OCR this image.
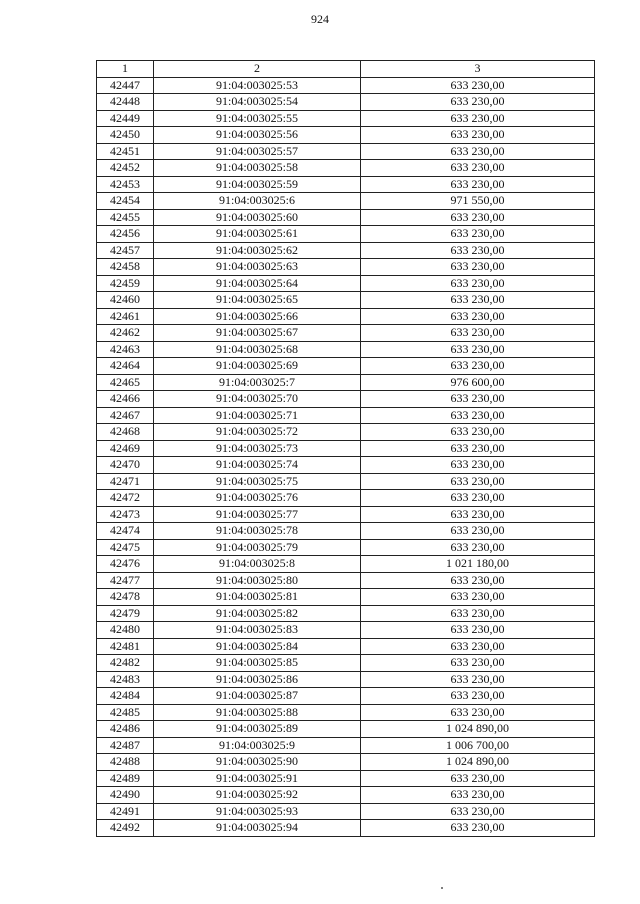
924
1	2	3
42447	91:04:003025:53	633 230,00
42448	91:04:003025:54	633 230,00
42449	91:04:003025:55	633 230,00
42450	91:04:003025:56	633 230,00
42451	91:04:003025:57	633 230,00
42452	91:04:003025:58	633 230,00
42453	91:04:003025:59	633 230,00
42454	91:04:003025:6	971 550,00
42455	91:04:003025:60	633 230,00
42456	91:04:003025:61	633 230,00
42457	91:04:003025:62	633 230,00
42458	91:04:003025:63	633 230,00
42459	91:04:003025:64	633 230,00
42460	91:04:003025:65	633 230,00
42461	91:04:003025:66	633 230,00
42462	91:04:003025:67	633 230,00
42463	91:04:003025:68	633 230,00
42464	91:04:003025:69	633 230,00
42465	91:04:003025:7	976 600,00
42466	91:04:003025:70	633 230,00
42467	91:04:003025:71	633 230,00
42468	91:04:003025:72	633 230,00
42469	91:04:003025:73	633 230,00
42470	91:04:003025:74	633 230,00
42471	91:04:003025:75	633 230,00
42472	91:04:003025:76	633 230,00
42473	91:04:003025:77	633 230,00
42474	91:04:003025:78	633 230,00
42475	91:04:003025:79	633 230,00
42476	91:04:003025:8	1 021 180,00
42477	91:04:003025:80	633 230,00
42478	91:04:003025:81	633 230,00
42479	91:04:003025:82	633 230,00
42480	91:04:003025:83	633 230,00
42481	91:04:003025:84	633 230,00
42482	91:04:003025:85	633 230,00
42483	91:04:003025:86	633 230,00
42484	91:04:003025:87	633 230,00
42485	91:04:003025:88	633 230,00
42486	91:04:003025:89	1 024 890,00
42487	91:04:003025:9	1 006 700,00
42488	91:04:003025:90	1 024 890,00
42489	91:04:003025:91	633 230,00
42490	91:04:003025:92	633 230,00
42491	91:04:003025:93	633 230,00
42492	91:04:003025:94	633 230,00
